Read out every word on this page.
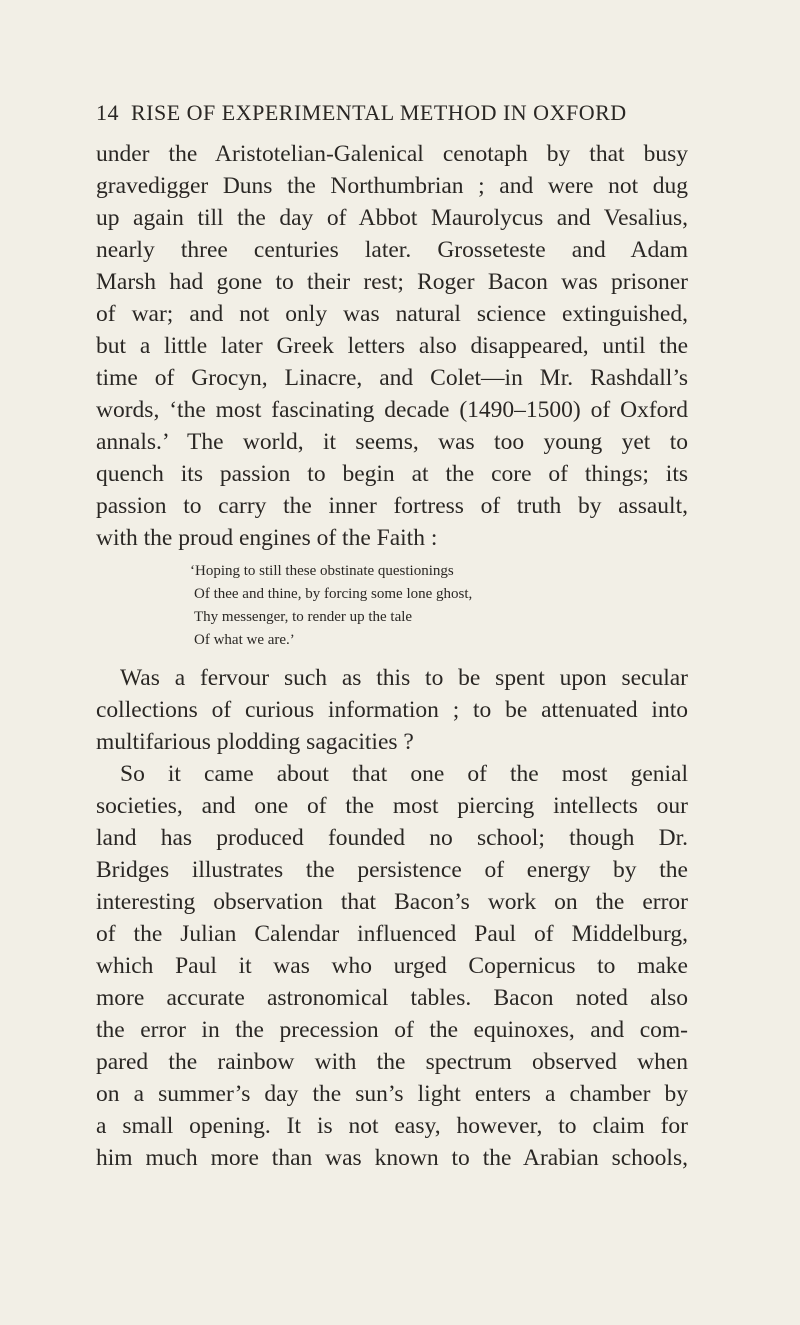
14 RISE OF EXPERIMENTAL METHOD IN OXFORD
under the Aristotelian-Galenical cenotaph by that busy
gravedigger Duns the Northumbrian ; and were not dug
up again till the day of Abbot Maurolycus and Vesalius,
nearly three centuries later. Grosseteste and Adam
Marsh had gone to their rest; Roger Bacon was prisoner
of war; and not only was natural science extinguished,
but a little later Greek letters also disappeared, until the
time of Grocyn, Linacre, and Colet—in Mr. Rashdall’s
words, ‘the most fascinating decade (1490–1500) of Oxford
annals.’ The world, it seems, was too young yet to
quench its passion to begin at the core of things; its
passion to carry the inner fortress of truth by assault,
with the proud engines of the Faith :
‘Hoping to still these obstinate questionings
Of thee and thine, by forcing some lone ghost,
Thy messenger, to render up the tale
Of what we are.’
Was a fervour such as this to be spent upon secular
collections of curious information ; to be attenuated into
multifarious plodding sagacities ?
So it came about that one of the most genial
societies, and one of the most piercing intellects our
land has produced founded no school; though Dr.
Bridges illustrates the persistence of energy by the
interesting observation that Bacon’s work on the error
of the Julian Calendar influenced Paul of Middelburg,
which Paul it was who urged Copernicus to make
more accurate astronomical tables. Bacon noted also
the error in the precession of the equinoxes, and com-
pared the rainbow with the spectrum observed when
on a summer’s day the sun’s light enters a chamber by
a small opening. It is not easy, however, to claim for
him much more than was known to the Arabian schools,
